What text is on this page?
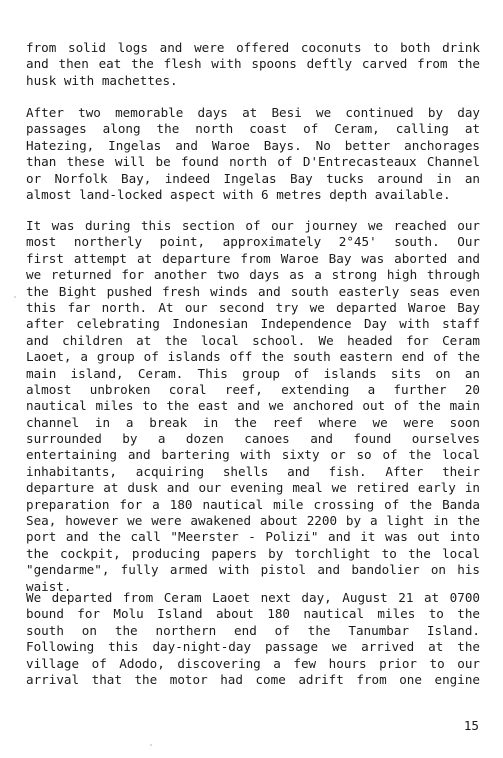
from solid logs and were offered coconuts to both drink
and then eat the flesh with spoons deftly carved from the
husk with machettes.
After two memorable days at Besi we continued by day
passages along the north coast of Ceram, calling at
Hatezing, Ingelas and Waroe Bays. No better anchorages
than these will be found north of D'Entrecasteaux Channel
or Norfolk Bay, indeed Ingelas Bay tucks around in an
almost land-locked aspect with 6 metres depth available.
It was during this section of our journey we reached our
most northerly point, approximately 2°45' south. Our
first attempt at departure from Waroe Bay was aborted and
we returned for another two days as a strong high through
the Bight pushed fresh winds and south easterly seas even
this far north. At our second try we departed Waroe Bay
after celebrating Indonesian Independence Day with staff
and children at the local school. We headed for Ceram
Laoet, a group of islands off the south eastern end of the
main island, Ceram. This group of islands sits on an
almost unbroken coral reef, extending a further 20
nautical miles to the east and we anchored out of the main
channel in a break in the reef where we were soon
surrounded by a dozen canoes and found ourselves
entertaining and bartering with sixty or so of the local
inhabitants, acquiring shells and fish. After their
departure at dusk and our evening meal we retired early in
preparation for a 180 nautical mile crossing of the Banda
Sea, however we were awakened about 2200 by a light in the
port and the call "Meerster - Polizi" and it was out into
the cockpit, producing papers by torchlight to the local
"gendarme", fully armed with pistol and bandolier on his
waist.
We departed from Ceram Laoet next day, August 21 at 0700
bound for Molu Island about 180 nautical miles to the
south on the northern end of the Tanumbar Island.
Following this day-night-day passage we arrived at the
village of Adodo, discovering a few hours prior to our
arrival that the motor had come adrift from one engine
15
